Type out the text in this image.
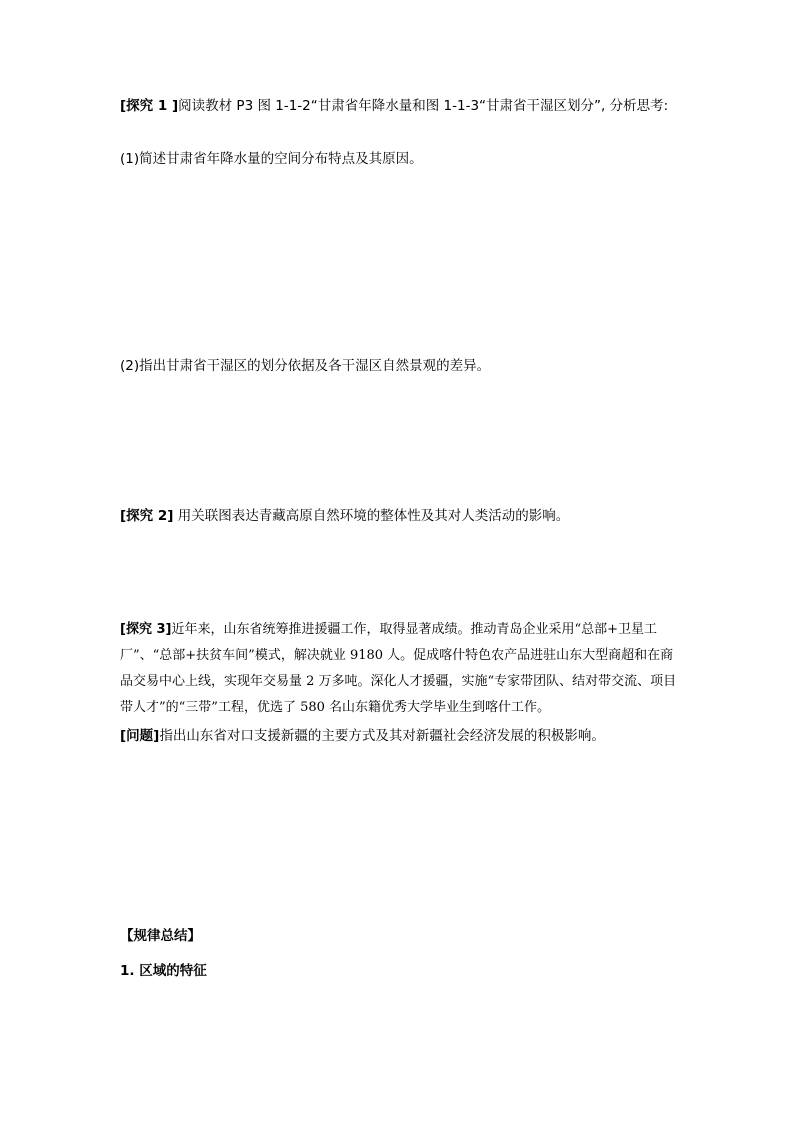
[探究 1 ]阅读教材 P3 图 1-1-2“甘肃省年降水量和图 1-1-3“甘肃省干湿区划分”, 分析思考:
(1)简述甘肃省年降水量的空间分布特点及其原因。
(2)指出甘肃省干湿区的划分依据及各干湿区自然景观的差异。
[探究 2] 用关联图表达青藏高原自然环境的整体性及其对人类活动的影响。
[探究 3]近年来，山东省统筹推进援疆工作，取得显著成绩。推动青岛企业采用“总部+卫星工厂”、“总部+扶贫车间”模式，解决就业 9180 人。促成喀什特色农产品进驻山东大型商超和在商品交易中心上线，实现年交易量 2 万多吨。深化人才援疆，实施“专家带团队、结对带交流、项目带人才”的“三带”工程，优选了 580 名山东籍优秀大学毕业生到喀什工作。
[问题]指出山东省对口支援新疆的主要方式及其对新疆社会经济发展的积极影响。
【规律总结】
1. 区域的特征
